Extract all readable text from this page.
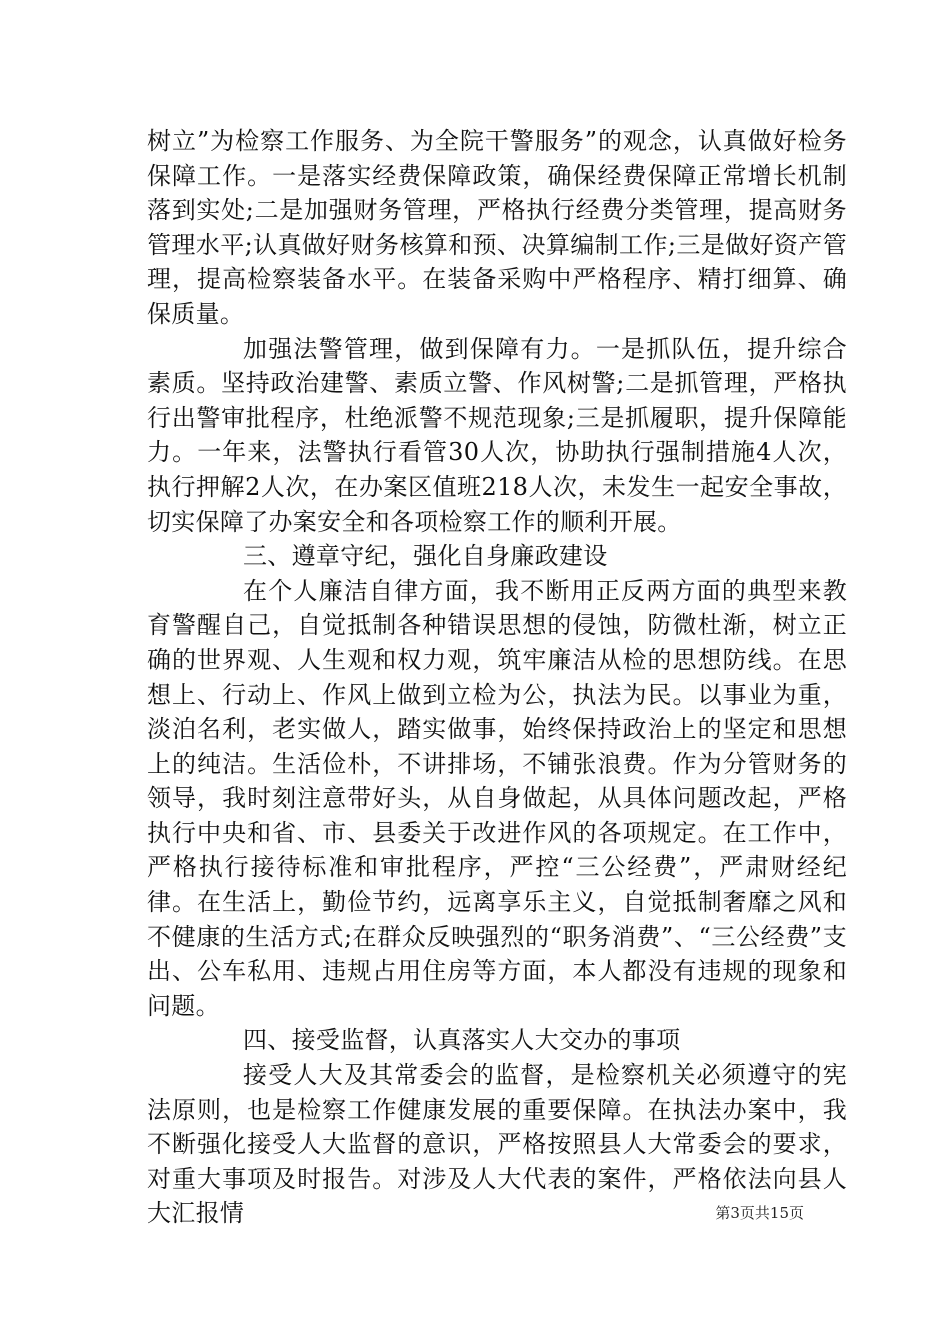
树立”为检察工作服务、为全院干警服务”的观念，认真做好检务保障工作。一是落实经费保障政策，确保经费保障正常增长机制落到实处;二是加强财务管理，严格执行经费分类管理，提高财务管理水平;认真做好财务核算和预、决算编制工作;三是做好资产管理，提高检察装备水平。在装备采购中严格程序、精打细算、确保质量。

加强法警管理，做到保障有力。一是抓队伍，提升综合素质。坚持政治建警、素质立警、作风树警;二是抓管理，严格执行出警审批程序，杜绝派警不规范现象;三是抓履职，提升保障能力。一年来，法警执行看管30人次，协助执行强制措施4人次，执行押解2人次，在办案区值班218人次，未发生一起安全事故，切实保障了办案安全和各项检察工作的顺利开展。

三、遵章守纪，强化自身廉政建设

在个人廉洁自律方面，我不断用正反两方面的典型来教育警醒自己，自觉抵制各种错误思想的侵蚀，防微杜渐，树立正确的世界观、人生观和权力观，筑牢廉洁从检的思想防线。在思想上、行动上、作风上做到立检为公，执法为民。以事业为重，淡泊名利，老实做人，踏实做事，始终保持政治上的坚定和思想上的纯洁。生活俭朴，不讲排场，不铺张浪费。作为分管财务的领导，我时刻注意带好头，从自身做起，从具体问题改起，严格执行中央和省、市、县委关于改进作风的各项规定。在工作中，严格执行接待标准和审批程序，严控“三公经费”，严肃财经纪律。在生活上，勤俭节约，远离享乐主义，自觉抵制奢靡之风和不健康的生活方式;在群众反映强烈的“职务消费”、“三公经费”支出、公车私用、违规占用住房等方面，本人都没有违规的现象和问题。

四、接受监督，认真落实人大交办的事项

接受人大及其常委会的监督，是检察机关必须遵守的宪法原则，也是检察工作健康发展的重要保障。在执法办案中，我不断强化接受人大监督的意识，严格按照县人大常委会的要求，对重大事项及时报告。对涉及人大代表的案件，严格依法向县人大汇报情	第3页共15页
